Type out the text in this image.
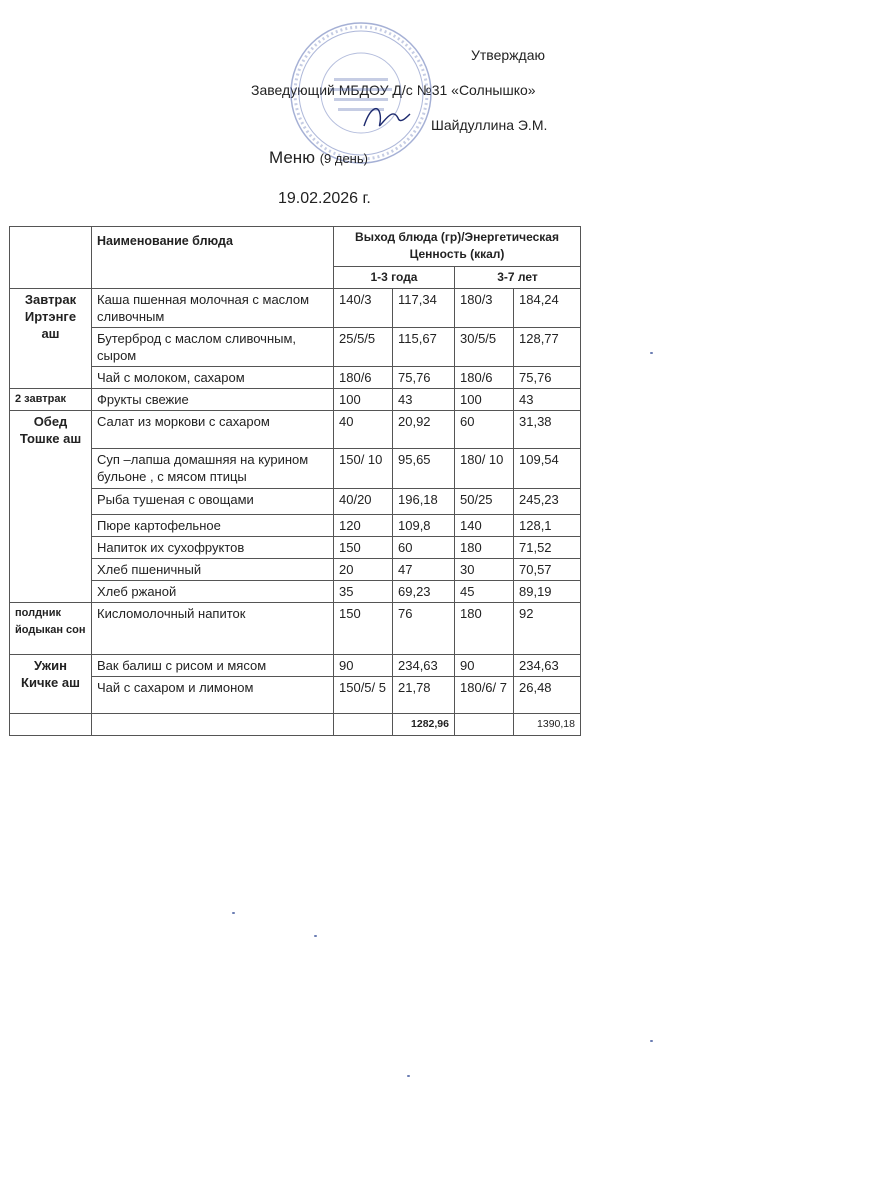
Утверждаю
Заведующий МБДОУ Д/с №31 «Солнышко»
Шайдуллина Э.М.
Меню (9 день)
19.02.2026 г.
	Наименование блюда	Выход блюда (гр)/Энергетическая Ценность (ккал)			
		1-3 года		3-7 лет	
Завтрак Иртэнге аш	Каша пшенная молочная с маслом сливочным	140/3	117,34	180/3	184,24
	Бутерброд с маслом сливочным, сыром	25/5/5	115,67	30/5/5	128,77
	Чай с молоком, сахаром	180/6	75,76	180/6	75,76
2 завтрак	Фрукты свежие	100	43	100	43
Обед Тошке аш	Салат из моркови с сахаром	40	20,92	60	31,38
	Суп –лапша домашняя на курином бульоне , с мясом птицы	150/ 10	95,65	180/ 10	109,54
	Рыба тушеная с овощами	40/20	196,18	50/25	245,23
	Пюре картофельное	120	109,8	140	128,1
	Напиток их сухофруктов	150	60	180	71,52
	Хлеб пшеничный	20	47	30	70,57
	Хлеб ржаной	35	69,23	45	89,19
полдник йодыкан сон	Кисломолочный напиток	150	76	180	92
Ужин Кичке аш	Вак балиш с рисом и мясом	90	234,63	90	234,63
	Чай с сахаром и лимоном	150/5/ 5	21,78	180/6/ 7	26,48
			1282,96		1390,18
